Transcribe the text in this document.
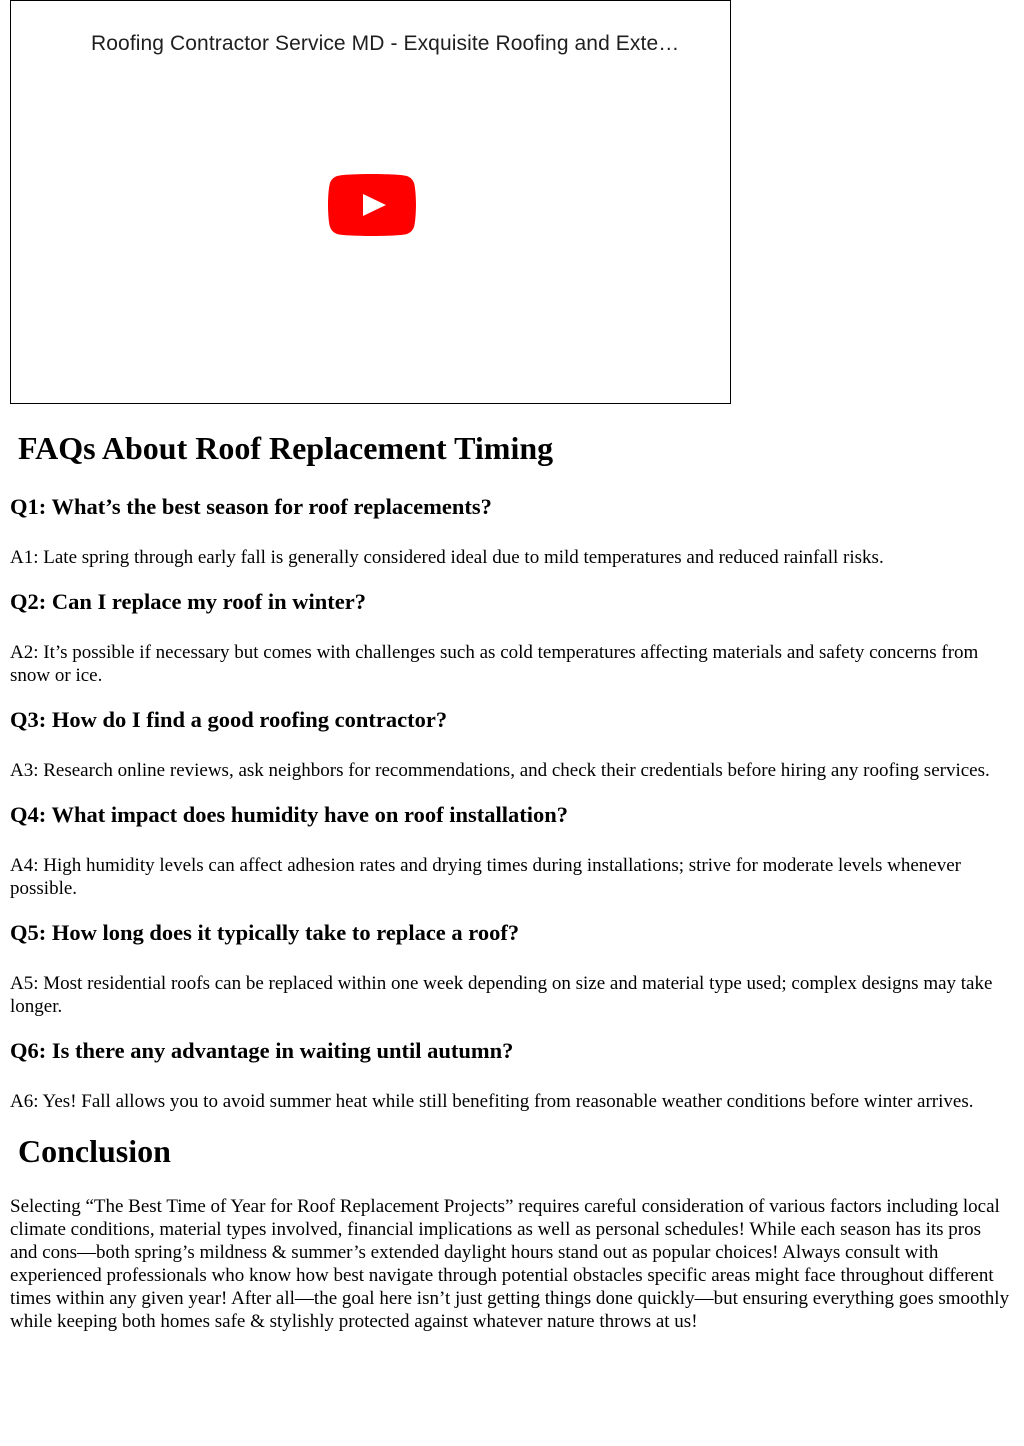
Roofing Contractor Service MD - Exquisite Roofing and Exte…
FAQs About Roof Replacement Timing
Q1: What’s the best season for roof replacements?

A1: Late spring through early fall is generally considered ideal due to mild temperatures and reduced rainfall risks.

Q2: Can I replace my roof in winter?

A2: It’s possible if necessary but comes with challenges such as cold temperatures affecting materials and safety concerns from snow or ice.

Q3: How do I find a good roofing contractor?

A3: Research online reviews, ask neighbors for recommendations, and check their credentials before hiring any roofing services.

Q4: What impact does humidity have on roof installation?

A4: High humidity levels can affect adhesion rates and drying times during installations; strive for moderate levels whenever possible.

Q5: How long does it typically take to replace a roof?

A5: Most residential roofs can be replaced within one week depending on size and material type used; complex designs may take longer.

Q6: Is there any advantage in waiting until autumn?

A6: Yes! Fall allows you to avoid summer heat while still benefiting from reasonable weather conditions before winter arrives.

Conclusion

Selecting “The Best Time of Year for Roof Replacement Projects” requires careful consideration of various factors including local climate conditions, material types involved, financial implications as well as personal schedules! While each season has its pros and cons—both spring’s mildness & summer’s extended daylight hours stand out as popular choices! Always consult with experienced professionals who know how best navigate through potential obstacles specific areas might face throughout different times within any given year! After all—the goal here isn’t just getting things done quickly—but ensuring everything goes smoothly while keeping both homes safe & stylishly protected against whatever nature throws at us!
